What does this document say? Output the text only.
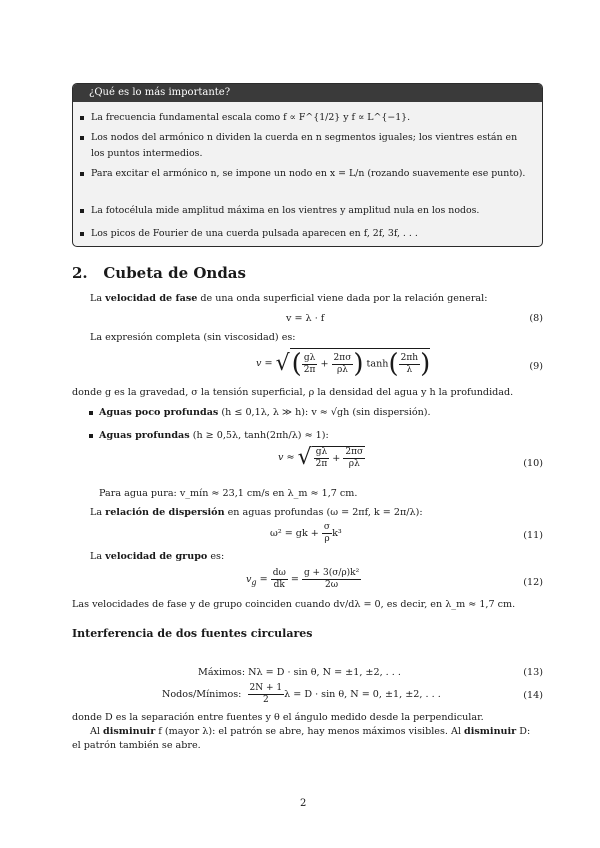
¿Qué es lo más importante?
La frecuencia fundamental escala como f ∝ F^{1/2} y f ∝ L^{−1}.
Los nodos del armónico n dividen la cuerda en n segmentos iguales; los vientres están en los puntos intermedios.
Para excitar el armónico n, se impone un nodo en x = L/n (rozando suavemente ese punto).
La fotocélula mide amplitud máxima en los vientres y amplitud nula en los nodos.
Los picos de Fourier de una cuerda pulsada aparecen en f, 2f, 3f, . . .
2. Cubeta de Ondas
La velocidad de fase de una onda superficial viene dada por la relación general:
v = λ · f	(8)
La expresión completa (sin viscosidad) es:
v = √( $\frac{g\lambda}{2\pi} + \frac{2\pi\sigma}{\rho\lambda}$ ) $\tanh( \frac{2\pi h}{\lambda}$ )	(9)
donde g es la gravedad, σ la tensión superficial, ρ la densidad del agua y h la profundidad.
Aguas poco profundas (h ≤ 0,1λ, λ ≫ h): v ≈ √gh (sin dispersión).
Aguas profundas (h ≥ 0,5λ, tanh(2πh/λ) ≈ 1):
v ≈ √ $\frac{g\lambda}{2\pi} + \frac{2\pi\sigma}{\rho\lambda}$	(10)
Para agua pura: v_mín ≈ 23,1 cm/s en λ_m ≈ 1,7 cm.
La relación de dispersión en aguas profundas (ω = 2πf, k = 2π/λ):
ω² = gk + $\frac{\sigma}{\rho} k^3$	(11)
La velocidad de grupo es:
$v_g = \frac{d\omega}{dk} = \frac{\text{g + 3(σ/ρ)k²}}{2\omega}$	(12)
Las velocidades de fase y de grupo coinciden cuando dv/dλ = 0, es decir, en λ_m ≈ 1,7 cm.
Interferencia de dos fuentes circulares
Máximos: Nλ = D · sin θ, N = ±1, ±2, . . .	(13)
Nodos/Mínimos: $\frac{2N + 1}{2}$ λ = D · sin θ, N = 0, ±1, ±2, . . .	(14)
donde D es la separación entre fuentes y θ el ángulo medido desde la perpendicular.
Al disminuir f (mayor λ): el patrón se abre, hay menos máximos visibles. Al disminuir D:
el patrón también se abre.
2
